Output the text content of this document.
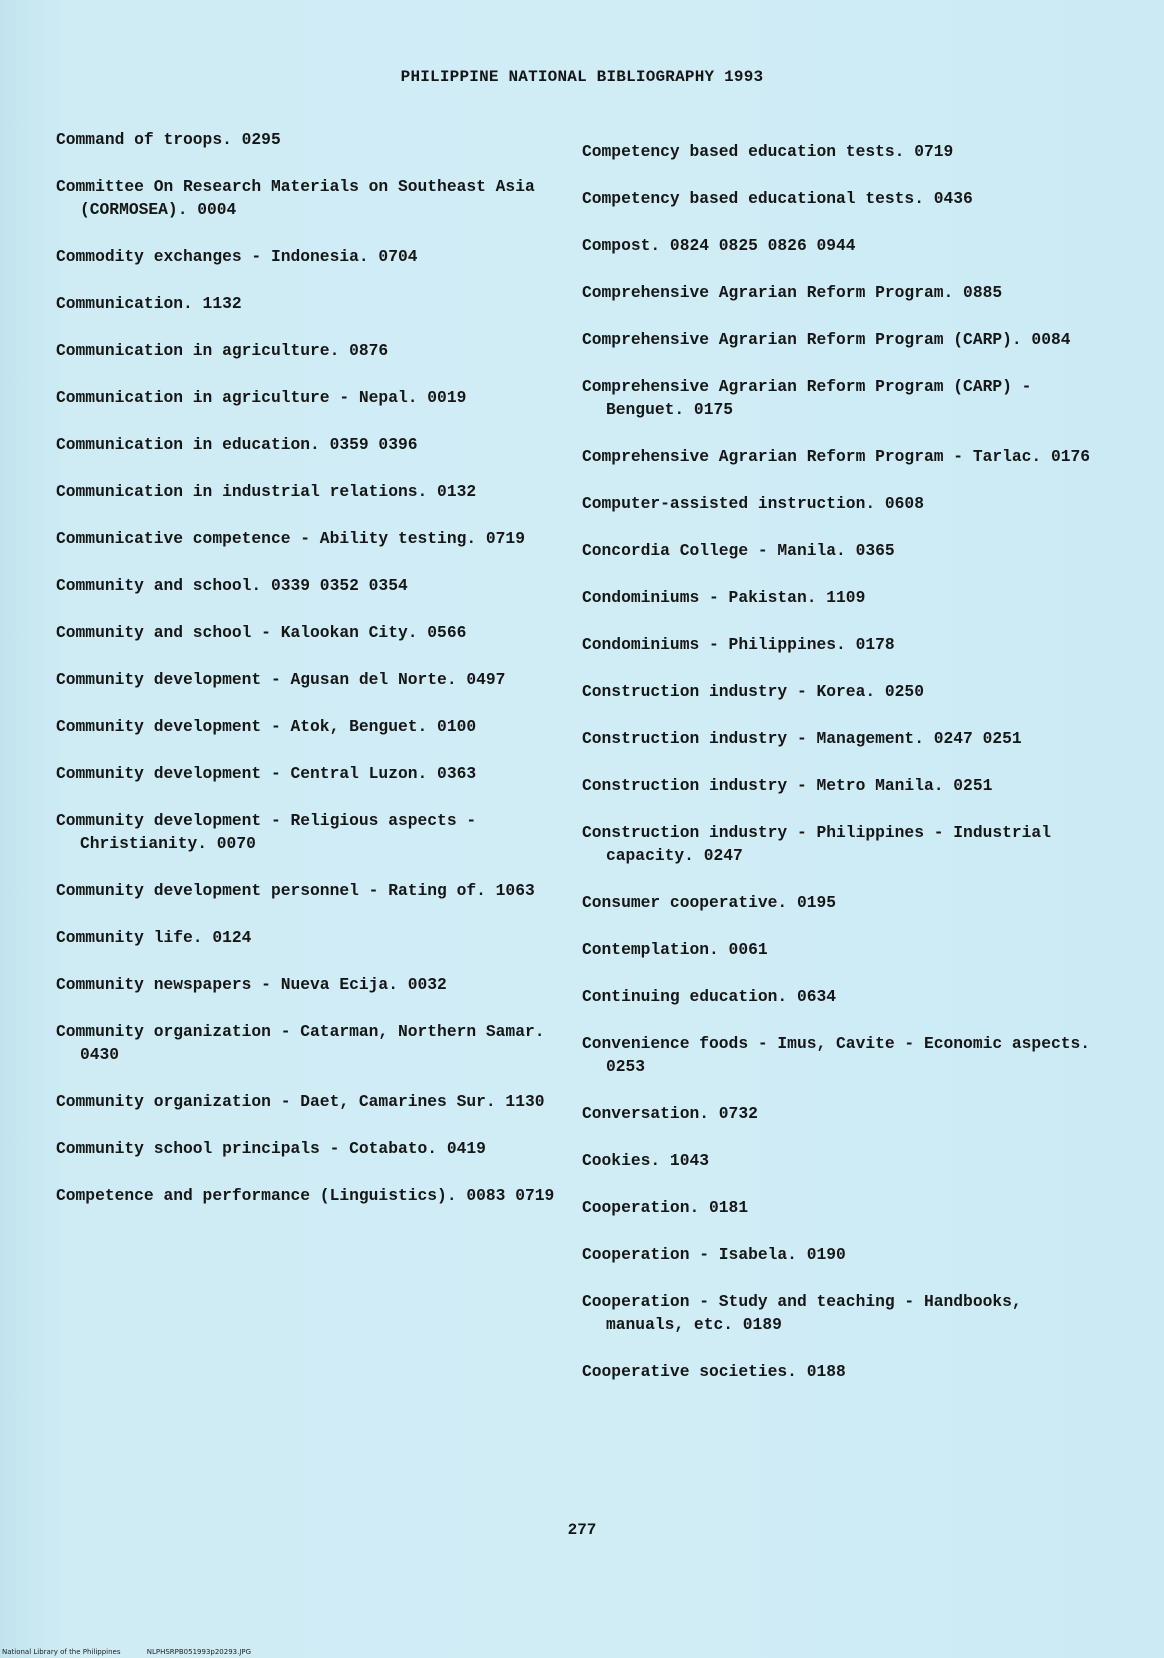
PHILIPPINE NATIONAL BIBLIOGRAPHY 1993
Command of troops. 0295
Committee On Research Materials on Southeast Asia (CORMOSEA). 0004
Commodity exchanges - Indonesia. 0704
Communication. 1132
Communication in agriculture. 0876
Communication in agriculture - Nepal. 0019
Communication in education. 0359 0396
Communication in industrial relations. 0132
Communicative competence - Ability testing. 0719
Community and school. 0339 0352 0354
Community and school - Kalookan City. 0566
Community development - Agusan del Norte. 0497
Community development - Atok, Benguet. 0100
Community development - Central Luzon. 0363
Community development - Religious aspects - Christianity. 0070
Community development personnel - Rating of. 1063
Community life. 0124
Community newspapers - Nueva Ecija. 0032
Community organization - Catarman, Northern Samar. 0430
Community organization - Daet, Camarines Sur. 1130
Community school principals - Cotabato. 0419
Competence and performance (Linguistics). 0083 0719
Competency based education tests. 0719
Competency based educational tests. 0436
Compost. 0824 0825 0826 0944
Comprehensive Agrarian Reform Program. 0885
Comprehensive Agrarian Reform Program (CARP). 0084
Comprehensive Agrarian Reform Program (CARP) - Benguet. 0175
Comprehensive Agrarian Reform Program - Tarlac. 0176
Computer-assisted instruction. 0608
Concordia College - Manila. 0365
Condominiums - Pakistan. 1109
Condominiums - Philippines. 0178
Construction industry - Korea. 0250
Construction industry - Management. 0247 0251
Construction industry - Metro Manila. 0251
Construction industry - Philippines - Industrial capacity. 0247
Consumer cooperative. 0195
Contemplation. 0061
Continuing education. 0634
Convenience foods - Imus, Cavite - Economic aspects. 0253
Conversation. 0732
Cookies. 1043
Cooperation. 0181
Cooperation - Isabela. 0190
Cooperation - Study and teaching - Handbooks, manuals, etc. 0189
Cooperative societies. 0188
277
National Library of the Philippines	NLPHSRPB051993p20293.JPG
